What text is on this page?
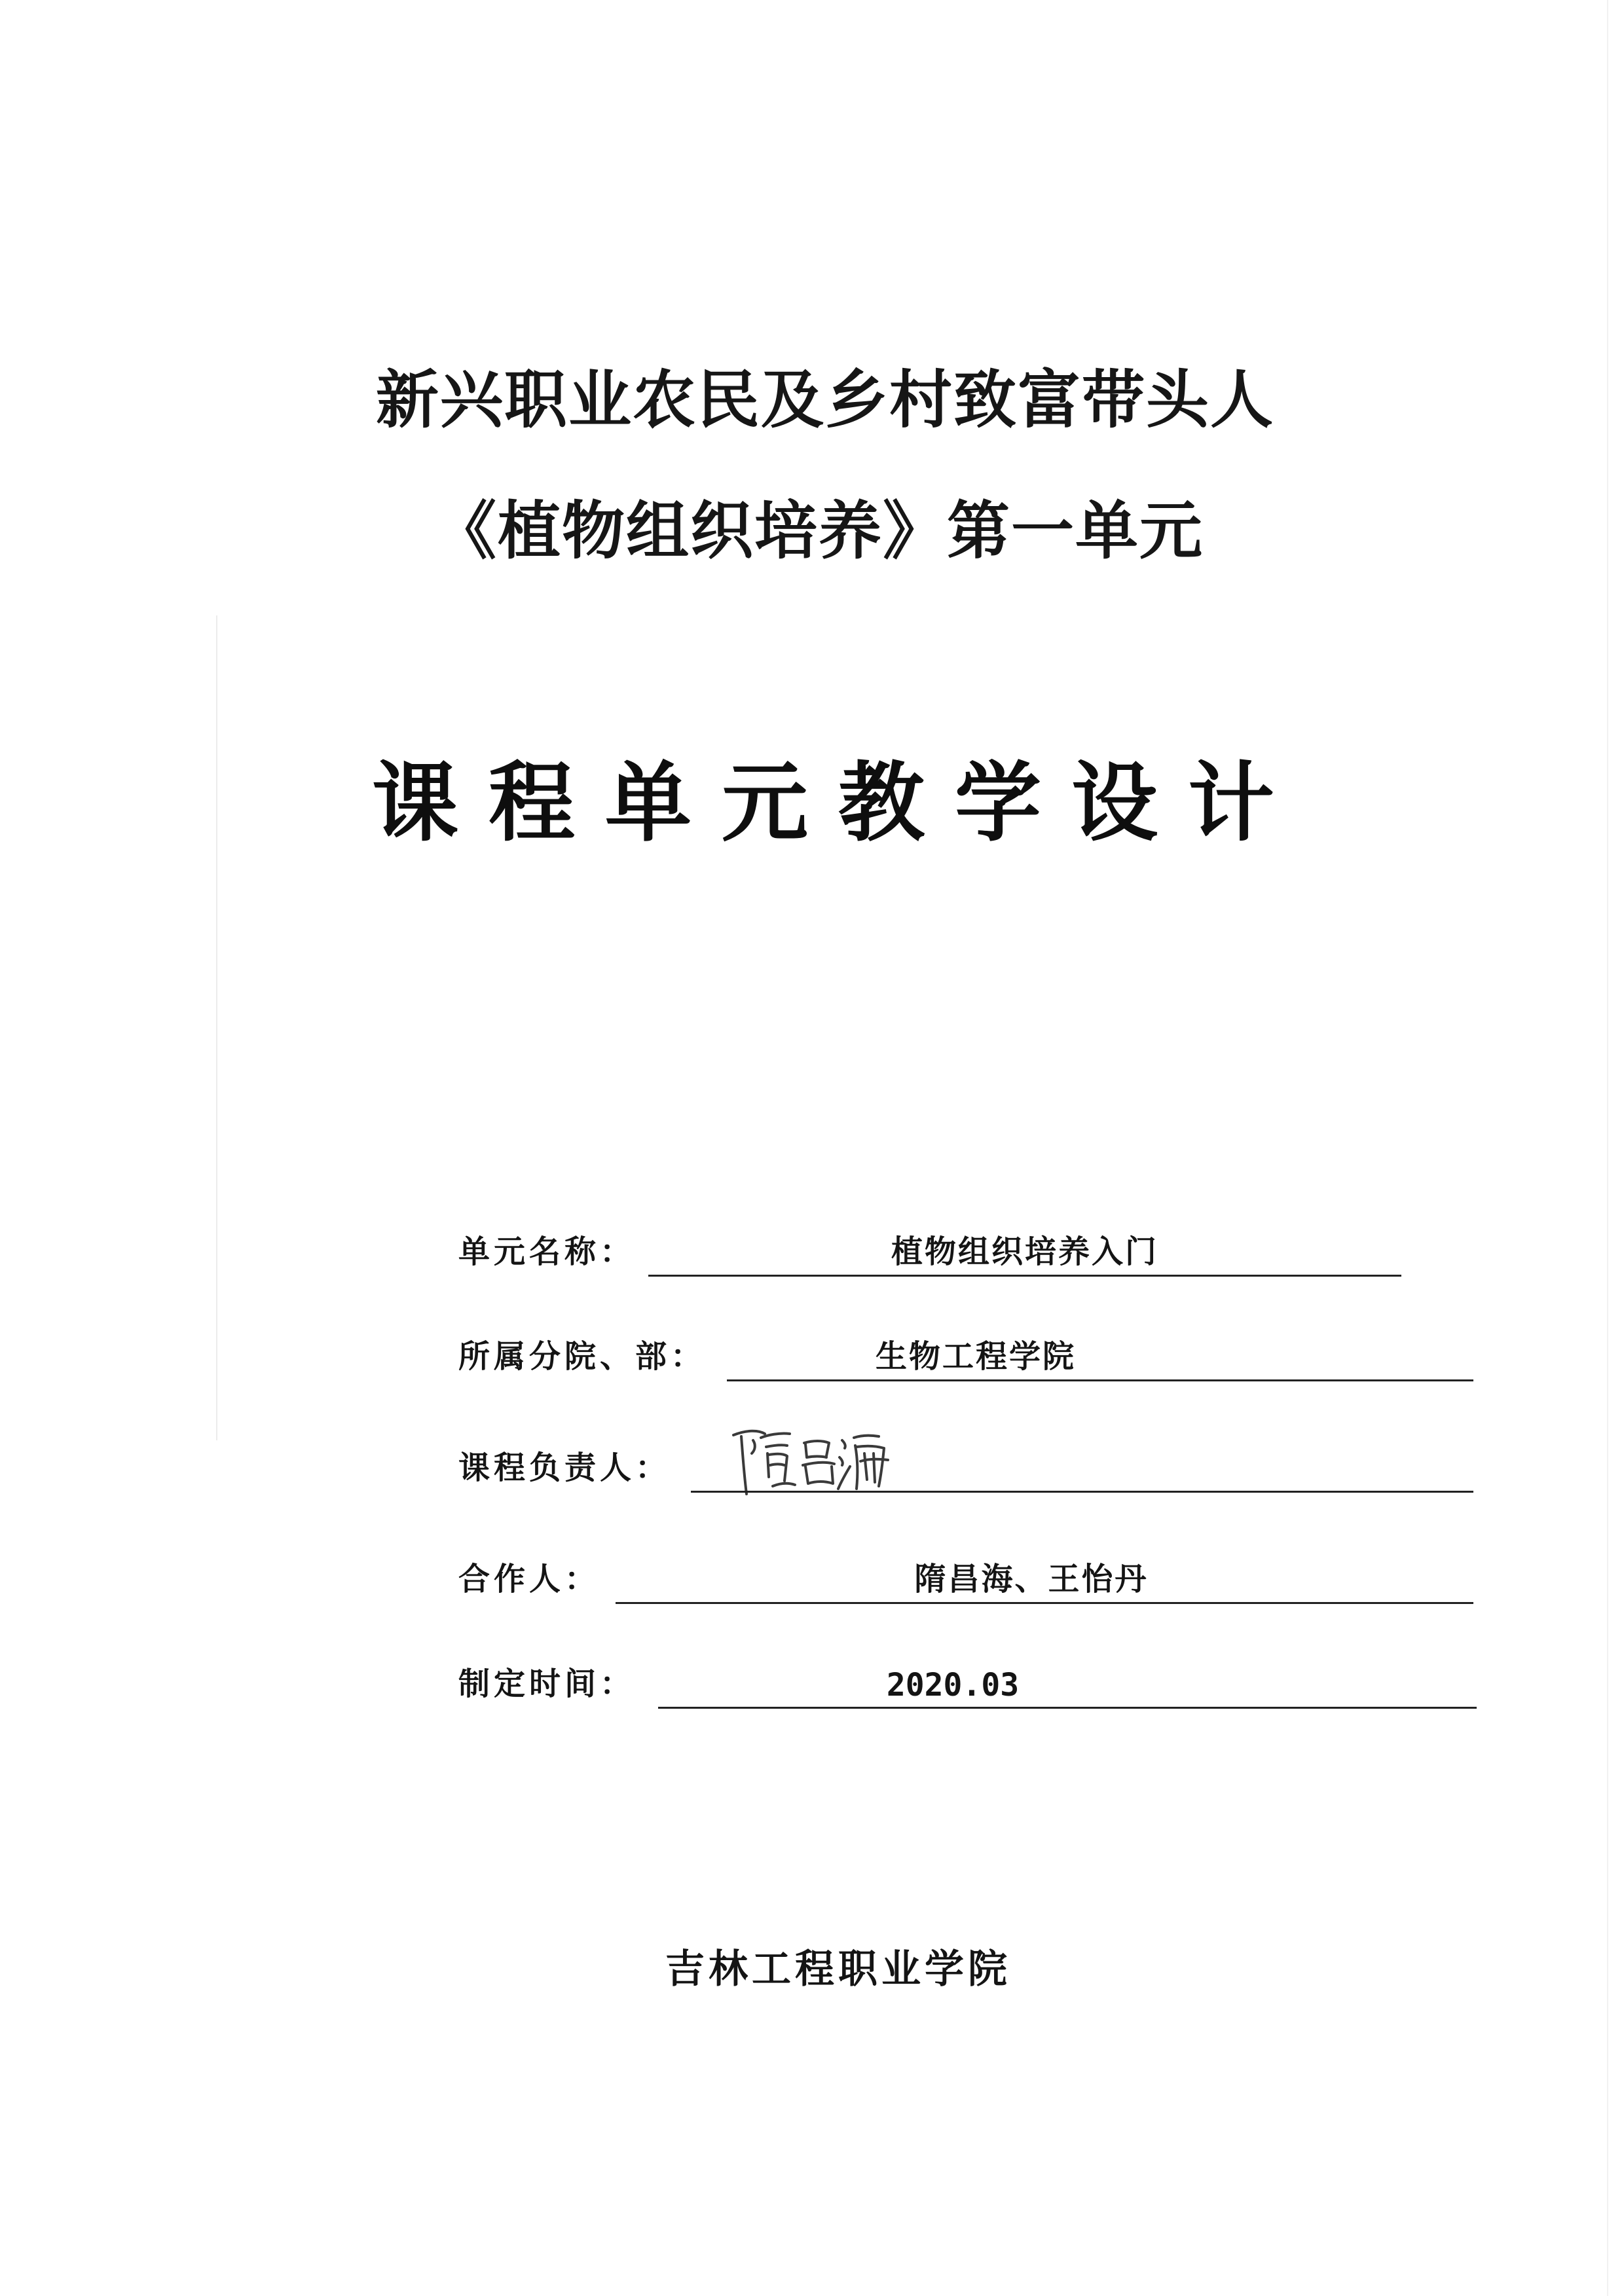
新兴职业农民及乡村致富带头人
《植物组织培养》第一单元
课程单元教学设计
单元名称：	植物组织培养入门
所属分院、部：	生物工程学院
课程负责人：
合作人：	隋昌海、王怡丹
制定时间：	2020.03
吉林工程职业学院
